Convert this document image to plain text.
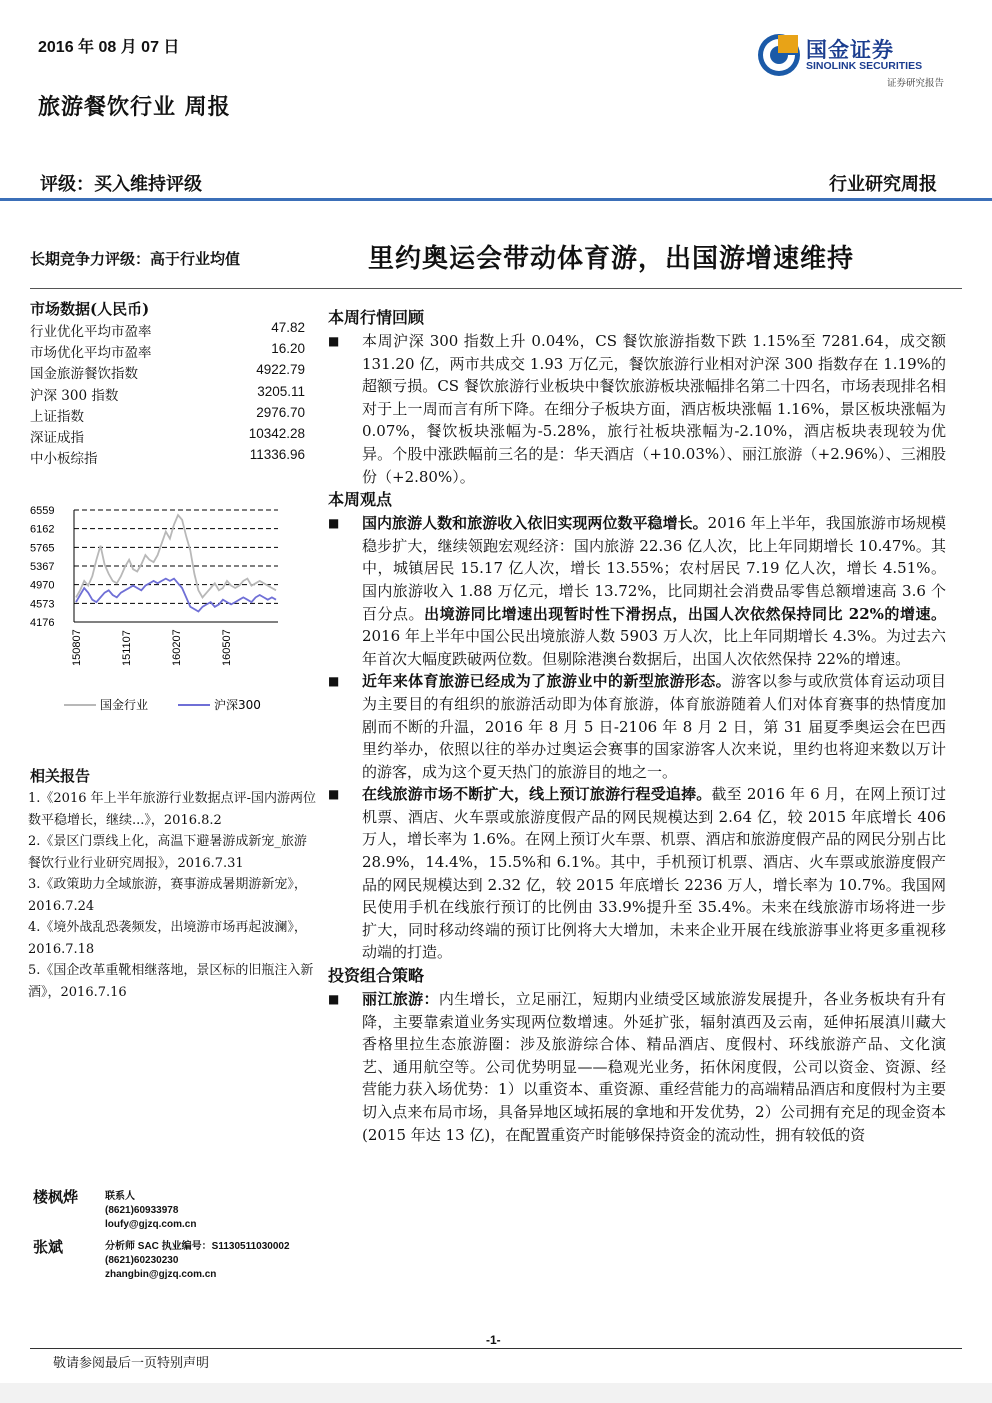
2016 年 08 月 07 日	国金证券
SINOLINK SECURITIES
证券研究报告
旅游餐饮行业 周报
评级：买入维持评级	行业研究周报
长期竞争力评级：高于行业均值	里约奥运会带动体育游，出国游增速维持
市场数据(人民币)
行业优化平均市盈率	47.82
市场优化平均市盈率	16.20
国金旅游餐饮指数	4922.79
沪深 300 指数	3205.11
上证指数	2976.70
深证成指	10342.28
中小板综指	11336.96
6559
6162
5765
5367
4970
4573
4176
150807	151107	160207	160507
国金行业	沪深300
相关报告
1.《2016 年上半年旅游行业数据点评-国内游两位数平稳增长，继续...》，2016.8.2
2.《景区门票线上化，高温下避暑游成新宠_旅游餐饮行业行业研究周报》，2016.7.31
3.《政策助力全域旅游，赛事游成暑期游新宠》，2016.7.24
4.《境外战乱恐袭频发，出境游市场再起波澜》，2016.7.18
5.《国企改革重靴相继落地，景区标的旧瓶注入新酒》，2016.7.16
楼枫烨	联系人
(8621)60933978
loufy@gjzq.com.cn
张斌	分析师 SAC 执业编号：S1130511030002
(8621)60230230
zhangbin@gjzq.com.cn
本周行情回顾
■ 本周沪深 300 指数上升 0.04%，CS 餐饮旅游指数下跌 1.15%至 7281.64，成交额 131.20 亿，两市共成交 1.93 万亿元，餐饮旅游行业相对沪深 300 指数存在 1.19%的超额亏损。CS 餐饮旅游行业板块中餐饮旅游板块涨幅排名第二十四名，市场表现排名相对于上一周而言有所下降。在细分子板块方面，酒店板块涨幅 1.16%，景区板块涨幅为 0.07%，餐饮板块涨幅为-5.28%，旅行社板块涨幅为-2.10%，酒店板块表现较为优异。个股中涨跌幅前三名的是：华天酒店（+10.03%）、丽江旅游（+2.96%）、三湘股份（+2.80%）。
本周观点
■ 国内旅游人数和旅游收入依旧实现两位数平稳增长。2016 年上半年，我国旅游市场规模稳步扩大，继续领跑宏观经济：国内旅游 22.36 亿人次，比上年同期增长 10.47%。其中，城镇居民 15.17 亿人次，增长 13.55%；农村居民 7.19 亿人次，增长 4.51%。国内旅游收入 1.88 万亿元，增长 13.72%，比同期社会消费品零售总额增速高 3.6 个百分点。出境游同比增速出现暂时性下滑拐点，出国人次依然保持同比 22%的增速。2016 年上半年中国公民出境旅游人数 5903 万人次，比上年同期增长 4.3%。为过去六年首次大幅度跌破两位数。但剔除港澳台数据后，出国人次依然保持 22%的增速。
■ 近年来体育旅游已经成为了旅游业中的新型旅游形态。游客以参与或欣赏体育运动项目为主要目的有组织的旅游活动即为体育旅游，体育旅游随着人们对体育赛事的热情度加剧而不断的升温，2016 年 8 月 5 日-2106 年 8 月 2 日，第 31 届夏季奥运会在巴西里约举办，依照以往的举办过奥运会赛事的国家游客人次来说，里约也将迎来数以万计的游客，成为这个夏天热门的旅游目的地之一。
■ 在线旅游市场不断扩大，线上预订旅游行程受追捧。截至 2016 年 6 月，在网上预订过机票、酒店、火车票或旅游度假产品的网民规模达到 2.64 亿，较 2015 年底增长 406 万人，增长率为 1.6%。在网上预订火车票、机票、酒店和旅游度假产品的网民分别占比 28.9%，14.4%，15.5%和 6.1%。其中，手机预订机票、酒店、火车票或旅游度假产品的网民规模达到 2.32 亿，较 2015 年底增长 2236 万人，增长率为 10.7%。我国网民使用手机在线旅行预订的比例由 33.9%提升至 35.4%。未来在线旅游市场将进一步扩大，同时移动终端的预订比例将大大增加，未来企业开展在线旅游事业将更多重视移动端的打造。
投资组合策略
■ 丽江旅游：内生增长，立足丽江，短期内业绩受区域旅游发展提升，各业务板块有升有降，主要靠索道业务实现两位数增速。外延扩张，辐射滇西及云南，延伸拓展滇川藏大香格里拉生态旅游圈：涉及旅游综合体、精品酒店、度假村、环线旅游产品、文化演艺、通用航空等。公司优势明显——稳观光业务，拓休闲度假，公司以资金、资源、经营能力获入场优势：1）以重资本、重资源、重经营能力的高端精品酒店和度假村为主要切入点来布局市场，具备异地区域拓展的拿地和开发优势，2）公司拥有充足的现金资本(2015 年达 13 亿)，在配置重资产时能够保持资金的流动性，拥有较低的资
-1-
敬请参阅最后一页特别声明
